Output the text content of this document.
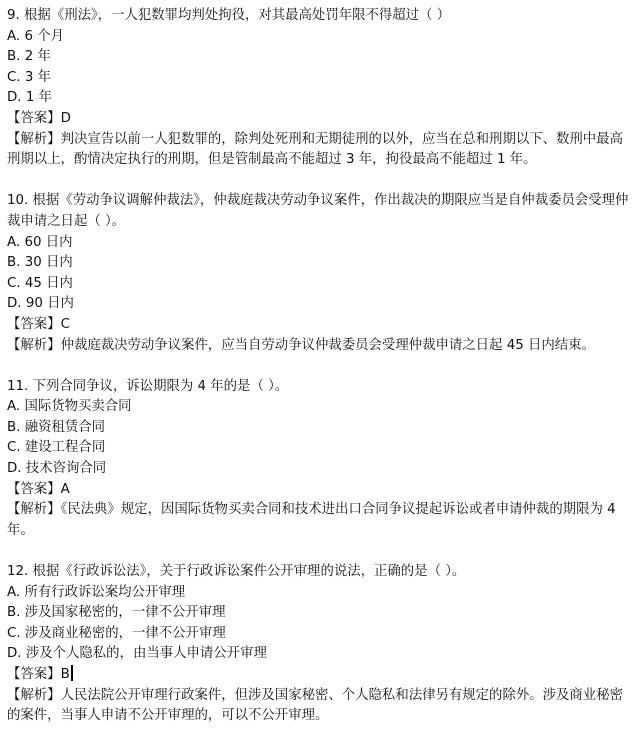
9. 根据《刑法》，一人犯数罪均判处拘役，对其最高处罚年限不得超过（ ）
A. 6 个月
B. 2 年
C. 3 年
D. 1 年
【答案】D
【解析】判决宣告以前一人犯数罪的，除判处死刑和无期徒刑的以外，应当在总和刑期以下、数刑中最高刑期以上，酌情决定执行的刑期，但是管制最高不能超过 3 年，拘役最高不能超过 1 年。
10. 根据《劳动争议调解仲裁法》，仲裁庭裁决劳动争议案件，作出裁决的期限应当是自仲裁委员会受理仲裁申请之日起（ ）。
A. 60 日内
B. 30 日内
C. 45 日内
D. 90 日内
【答案】C
【解析】仲裁庭裁决劳动争议案件，应当自劳动争议仲裁委员会受理仲裁申请之日起 45 日内结束。
11. 下列合同争议，诉讼期限为 4 年的是（ ）。
A. 国际货物买卖合同
B. 融资租赁合同
C. 建设工程合同
D. 技术咨询合同
【答案】A
【解析】《民法典》规定，因国际货物买卖合同和技术进出口合同争议提起诉讼或者申请仲裁的期限为 4 年。
12. 根据《行政诉讼法》，关于行政诉讼案件公开审理的说法，正确的是（ ）。
A. 所有行政诉讼案均公开审理
B. 涉及国家秘密的，一律不公开审理
C. 涉及商业秘密的，一律不公开审理
D. 涉及个人隐私的，由当事人申请公开审理
【答案】B
【解析】人民法院公开审理行政案件，但涉及国家秘密、个人隐私和法律另有规定的除外。涉及商业秘密的案件，当事人申请不公开审理的，可以不公开审理。
